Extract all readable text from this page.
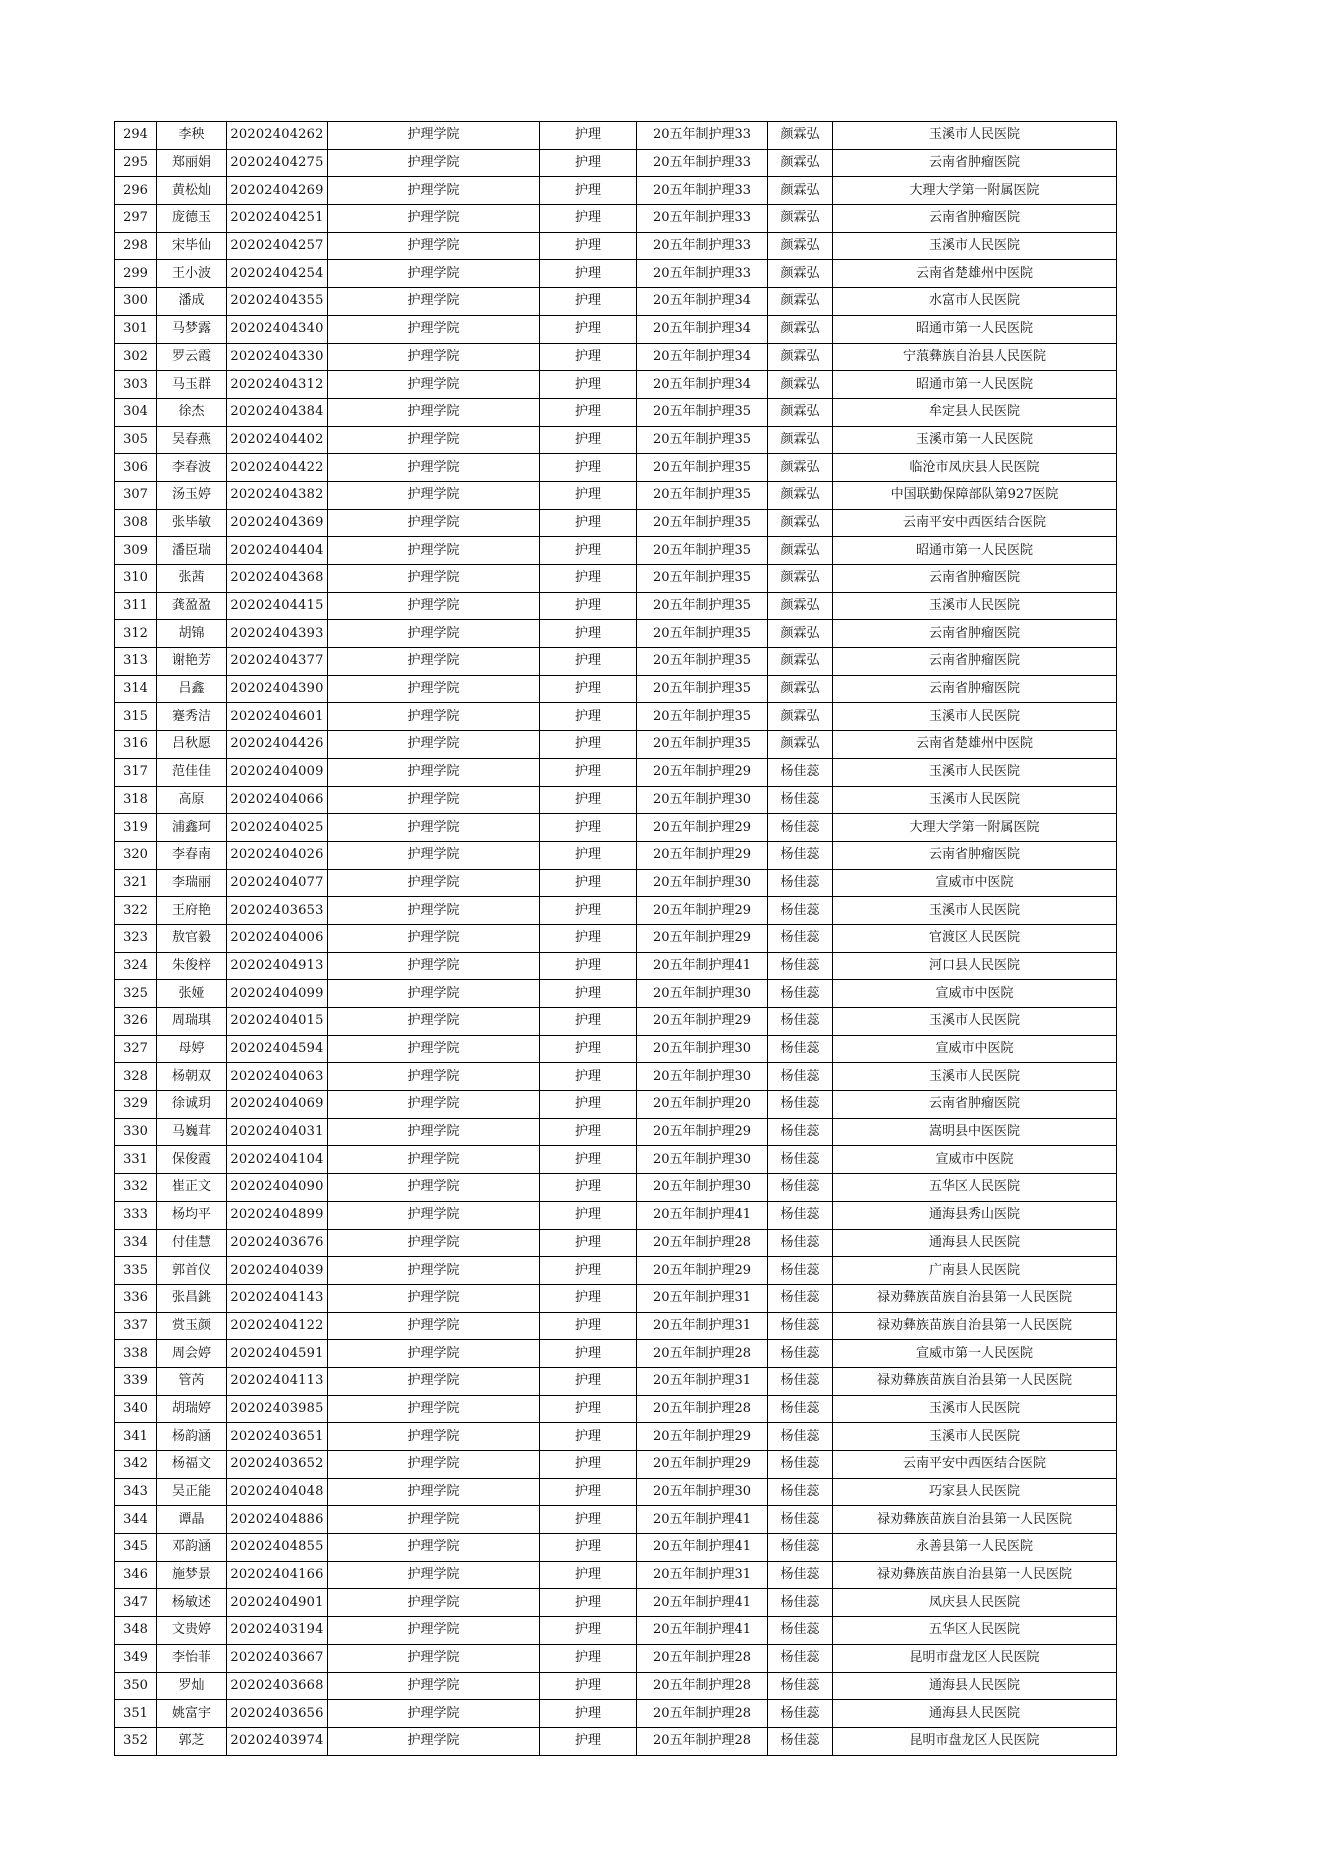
294	李秧	20202404262	护理学院	护理	20五年制护理33	颜霖弘	玉溪市人民医院
295	郑丽娟	20202404275	护理学院	护理	20五年制护理33	颜霖弘	云南省肿瘤医院
296	黄松灿	20202404269	护理学院	护理	20五年制护理33	颜霖弘	大理大学第一附属医院
297	庞德玉	20202404251	护理学院	护理	20五年制护理33	颜霖弘	云南省肿瘤医院
298	宋毕仙	20202404257	护理学院	护理	20五年制护理33	颜霖弘	玉溪市人民医院
299	王小波	20202404254	护理学院	护理	20五年制护理33	颜霖弘	云南省楚雄州中医院
300	潘成	20202404355	护理学院	护理	20五年制护理34	颜霖弘	水富市人民医院
301	马梦露	20202404340	护理学院	护理	20五年制护理34	颜霖弘	昭通市第一人民医院
302	罗云霞	20202404330	护理学院	护理	20五年制护理34	颜霖弘	宁蒗彝族自治县人民医院
303	马玉群	20202404312	护理学院	护理	20五年制护理34	颜霖弘	昭通市第一人民医院
304	徐杰	20202404384	护理学院	护理	20五年制护理35	颜霖弘	牟定县人民医院
305	吴春燕	20202404402	护理学院	护理	20五年制护理35	颜霖弘	玉溪市第一人民医院
306	李春波	20202404422	护理学院	护理	20五年制护理35	颜霖弘	临沧市凤庆县人民医院
307	汤玉婷	20202404382	护理学院	护理	20五年制护理35	颜霖弘	中国联勤保障部队第927医院
308	张毕敏	20202404369	护理学院	护理	20五年制护理35	颜霖弘	云南平安中西医结合医院
309	潘臣瑞	20202404404	护理学院	护理	20五年制护理35	颜霖弘	昭通市第一人民医院
310	张茜	20202404368	护理学院	护理	20五年制护理35	颜霖弘	云南省肿瘤医院
311	龚盈盈	20202404415	护理学院	护理	20五年制护理35	颜霖弘	玉溪市人民医院
312	胡锦	20202404393	护理学院	护理	20五年制护理35	颜霖弘	云南省肿瘤医院
313	谢艳芳	20202404377	护理学院	护理	20五年制护理35	颜霖弘	云南省肿瘤医院
314	吕鑫	20202404390	护理学院	护理	20五年制护理35	颜霖弘	云南省肿瘤医院
315	蹇秀洁	20202404601	护理学院	护理	20五年制护理35	颜霖弘	玉溪市人民医院
316	吕秋愿	20202404426	护理学院	护理	20五年制护理35	颜霖弘	云南省楚雄州中医院
317	范佳佳	20202404009	护理学院	护理	20五年制护理29	杨佳蕊	玉溪市人民医院
318	高原	20202404066	护理学院	护理	20五年制护理30	杨佳蕊	玉溪市人民医院
319	浦鑫珂	20202404025	护理学院	护理	20五年制护理29	杨佳蕊	大理大学第一附属医院
320	李春南	20202404026	护理学院	护理	20五年制护理29	杨佳蕊	云南省肿瘤医院
321	李瑞丽	20202404077	护理学院	护理	20五年制护理30	杨佳蕊	宣威市中医院
322	王府艳	20202403653	护理学院	护理	20五年制护理29	杨佳蕊	玉溪市人民医院
323	敖官毅	20202404006	护理学院	护理	20五年制护理29	杨佳蕊	官渡区人民医院
324	朱俊梓	20202404913	护理学院	护理	20五年制护理41	杨佳蕊	河口县人民医院
325	张娅	20202404099	护理学院	护理	20五年制护理30	杨佳蕊	宣威市中医院
326	周瑞琪	20202404015	护理学院	护理	20五年制护理29	杨佳蕊	玉溪市人民医院
327	母婷	20202404594	护理学院	护理	20五年制护理30	杨佳蕊	宣威市中医院
328	杨朝双	20202404063	护理学院	护理	20五年制护理30	杨佳蕊	玉溪市人民医院
329	徐诚玥	20202404069	护理学院	护理	20五年制护理20	杨佳蕊	云南省肿瘤医院
330	马巍茸	20202404031	护理学院	护理	20五年制护理29	杨佳蕊	嵩明县中医医院
331	保俊霞	20202404104	护理学院	护理	20五年制护理30	杨佳蕊	宣威市中医院
332	崔正文	20202404090	护理学院	护理	20五年制护理30	杨佳蕊	五华区人民医院
333	杨均平	20202404899	护理学院	护理	20五年制护理41	杨佳蕊	通海县秀山医院
334	付佳慧	20202403676	护理学院	护理	20五年制护理28	杨佳蕊	通海县人民医院
335	郭首仪	20202404039	护理学院	护理	20五年制护理29	杨佳蕊	广南县人民医院
336	张昌銚	20202404143	护理学院	护理	20五年制护理31	杨佳蕊	禄劝彝族苗族自治县第一人民医院
337	赏玉颜	20202404122	护理学院	护理	20五年制护理31	杨佳蕊	禄劝彝族苗族自治县第一人民医院
338	周会婷	20202404591	护理学院	护理	20五年制护理28	杨佳蕊	宣威市第一人民医院
339	管芮	20202404113	护理学院	护理	20五年制护理31	杨佳蕊	禄劝彝族苗族自治县第一人民医院
340	胡瑞婷	20202403985	护理学院	护理	20五年制护理28	杨佳蕊	玉溪市人民医院
341	杨韵涵	20202403651	护理学院	护理	20五年制护理29	杨佳蕊	玉溪市人民医院
342	杨福文	20202403652	护理学院	护理	20五年制护理29	杨佳蕊	云南平安中西医结合医院
343	吴正能	20202404048	护理学院	护理	20五年制护理30	杨佳蕊	巧家县人民医院
344	谭晶	20202404886	护理学院	护理	20五年制护理41	杨佳蕊	禄劝彝族苗族自治县第一人民医院
345	邓韵涵	20202404855	护理学院	护理	20五年制护理41	杨佳蕊	永善县第一人民医院
346	施梦景	20202404166	护理学院	护理	20五年制护理31	杨佳蕊	禄劝彝族苗族自治县第一人民医院
347	杨敏述	20202404901	护理学院	护理	20五年制护理41	杨佳蕊	凤庆县人民医院
348	文贵婷	20202403194	护理学院	护理	20五年制护理41	杨佳蕊	五华区人民医院
349	李怡菲	20202403667	护理学院	护理	20五年制护理28	杨佳蕊	昆明市盘龙区人民医院
350	罗灿	20202403668	护理学院	护理	20五年制护理28	杨佳蕊	通海县人民医院
351	姚富宇	20202403656	护理学院	护理	20五年制护理28	杨佳蕊	通海县人民医院
352	郭芝	20202403974	护理学院	护理	20五年制护理28	杨佳蕊	昆明市盘龙区人民医院
